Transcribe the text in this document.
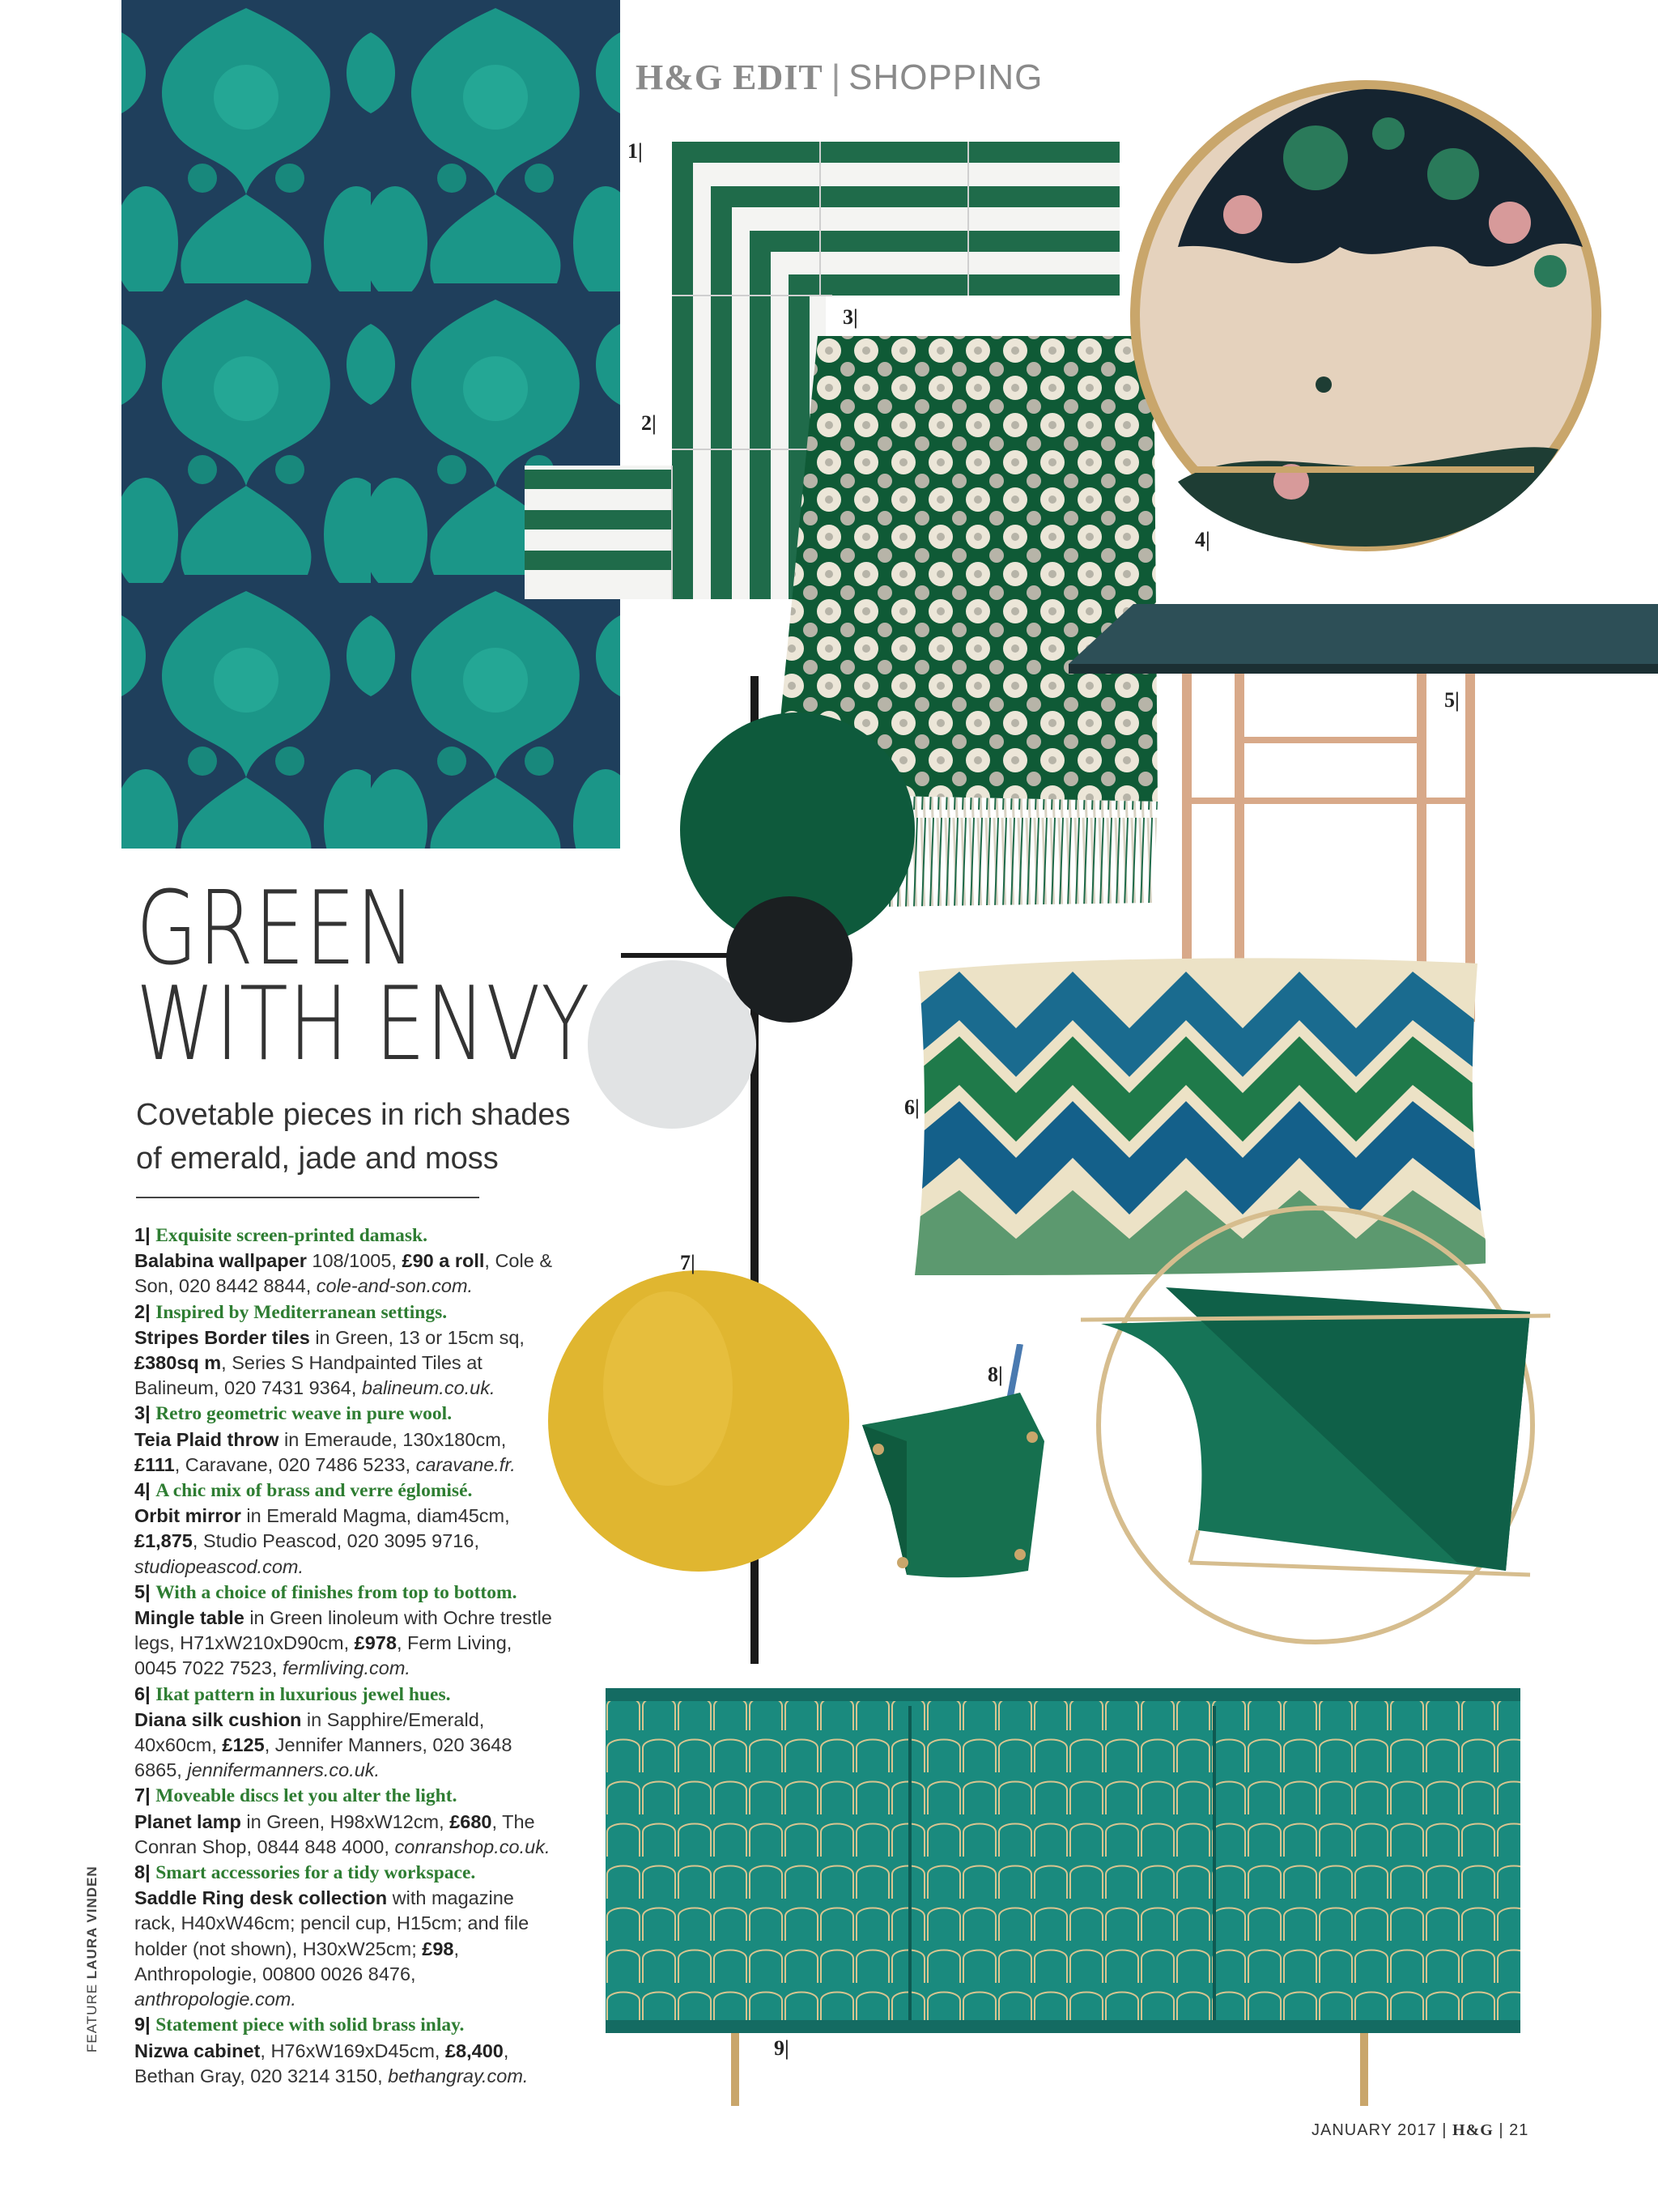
H&G EDIT | SHOPPING
1|
2|
3|
4|
5|
6|
7|
8|
9|
GREEN
WITH ENVY
Covetable pieces in rich shades of emerald, jade and moss
1| Exquisite screen-printed damask.
Balabina wallpaper 108/1005, £90 a roll, Cole & Son, 020 8442 8844, cole-and-son.com.
2| Inspired by Mediterranean settings.
Stripes Border tiles in Green, 13 or 15cm sq, £380sq m, Series S Handpainted Tiles at Balineum, 020 7431 9364, balineum.co.uk.
3| Retro geometric weave in pure wool.
Teia Plaid throw in Emeraude, 130x180cm, £111, Caravane, 020 7486 5233, caravane.fr.
4| A chic mix of brass and verre églomisé.
Orbit mirror in Emerald Magma, diam45cm, £1,875, Studio Peascod, 020 3095 9716, studiopeascod.com.
5| With a choice of finishes from top to bottom. Mingle table in Green linoleum with Ochre trestle legs, H71xW210xD90cm, £978, Ferm Living, 0045 7022 7523, fermliving.com.
6| Ikat pattern in luxurious jewel hues.
Diana silk cushion in Sapphire/Emerald, 40x60cm, £125, Jennifer Manners, 020 3648 6865, jennifermanners.co.uk.
7| Moveable discs let you alter the light.
Planet lamp in Green, H98xW12cm, £680, The Conran Shop, 0844 848 4000, conranshop.co.uk.
8| Smart accessories for a tidy workspace.
Saddle Ring desk collection with magazine rack, H40xW46cm; pencil cup, H15cm; and file holder (not shown), H30xW25cm; £98, Anthropologie, 00800 0026 8476, anthropologie.com.
9| Statement piece with solid brass inlay.
Nizwa cabinet, H76xW169xD45cm, £8,400, Bethan Gray, 020 3214 3150, bethangray.com.
FEATURE LAURA VINDEN
JANUARY 2017 | H&G | 21
